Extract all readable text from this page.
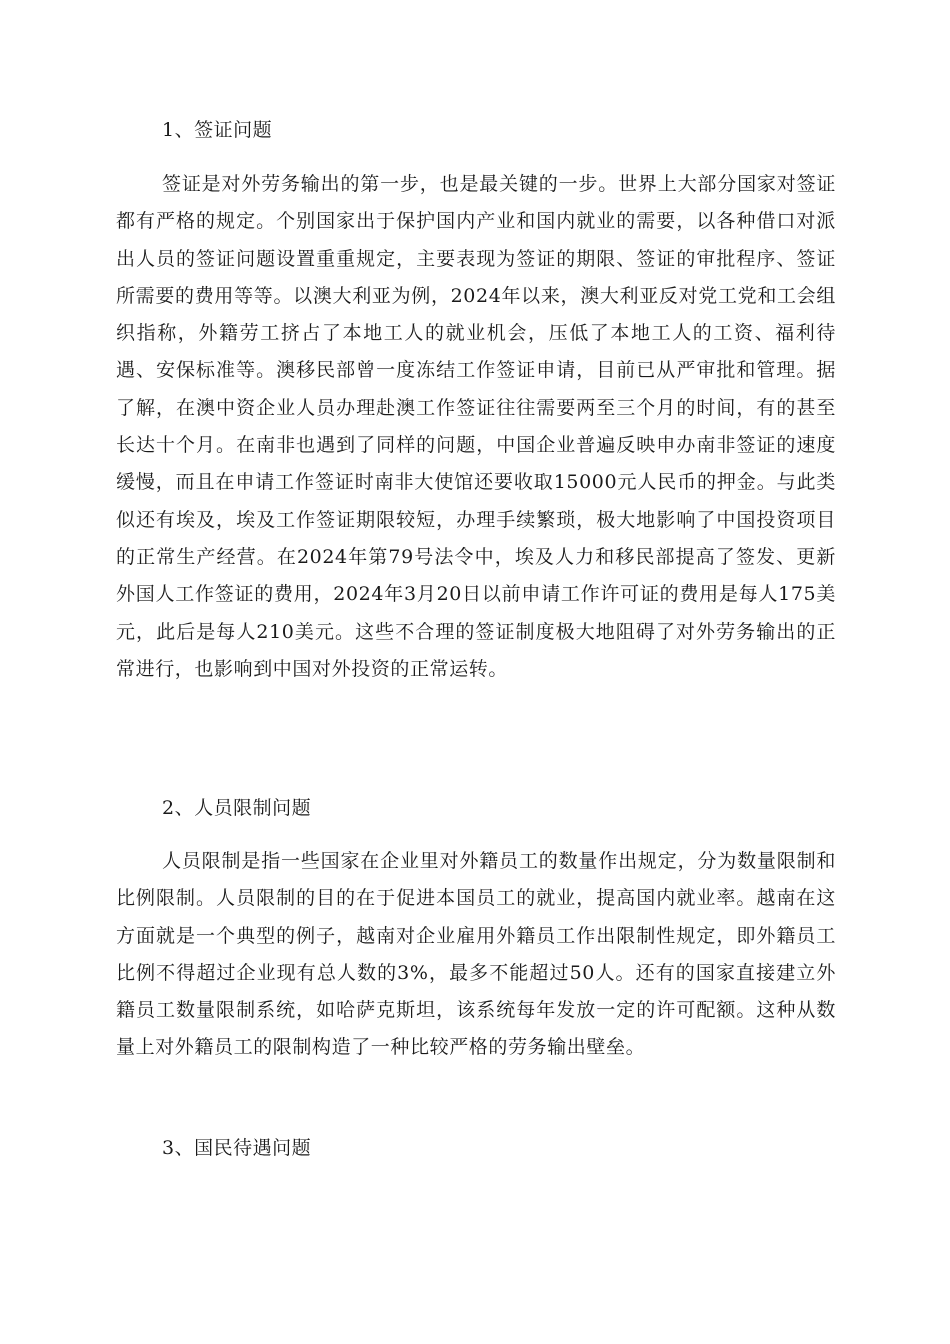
1、签证问题

签证是对外劳务输出的第一步，也是最关键的一步。世界上大部分国家对签证都有严格的规定。个别国家出于保护国内产业和国内就业的需要，以各种借口对派出人员的签证问题设置重重规定，主要表现为签证的期限、签证的审批程序、签证所需要的费用等等。以澳大利亚为例，2024年以来，澳大利亚反对党工党和工会组织指称，外籍劳工挤占了本地工人的就业机会，压低了本地工人的工资、福利待遇、安保标准等。澳移民部曾一度冻结工作签证申请，目前已从严审批和管理。据了解，在澳中资企业人员办理赴澳工作签证往往需要两至三个月的时间，有的甚至长达十个月。在南非也遇到了同样的问题，中国企业普遍反映申办南非签证的速度缓慢，而且在申请工作签证时南非大使馆还要收取15000元人民币的押金。与此类似还有埃及，埃及工作签证期限较短，办理手续繁琐，极大地影响了中国投资项目的正常生产经营。在2024年第79号法令中，埃及人力和移民部提高了签发、更新外国人工作签证的费用，2024年3月20日以前申请工作许可证的费用是每人175美元，此后是每人210美元。这些不合理的签证制度极大地阻碍了对外劳务输出的正常进行，也影响到中国对外投资的正常运转。

2、人员限制问题

人员限制是指一些国家在企业里对外籍员工的数量作出规定，分为数量限制和比例限制。人员限制的目的在于促进本国员工的就业，提高国内就业率。越南在这方面就是一个典型的例子，越南对企业雇用外籍员工作出限制性规定，即外籍员工比例不得超过企业现有总人数的3%，最多不能超过50人。还有的国家直接建立外籍员工数量限制系统，如哈萨克斯坦，该系统每年发放一定的许可配额。这种从数量上对外籍员工的限制构造了一种比较严格的劳务输出壁垒。

3、国民待遇问题
